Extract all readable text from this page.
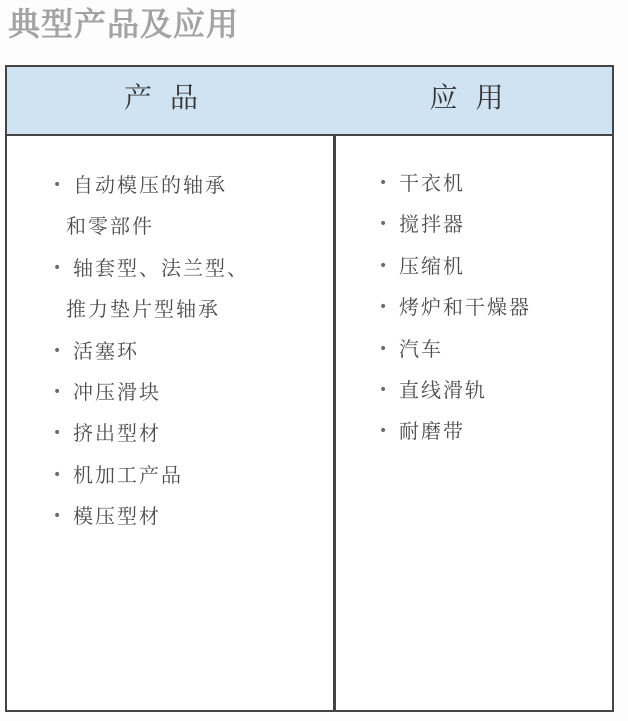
典型产品及应用
产品	应用
• 自动模压的轴承
和零部件
• 轴套型、法兰型、
推力垫片型轴承
• 活塞环
• 冲压滑块
• 挤出型材
• 机加工产品
• 模压型材
• 干衣机
• 搅拌器
• 压缩机
• 烤炉和干燥器
• 汽车
• 直线滑轨
• 耐磨带
